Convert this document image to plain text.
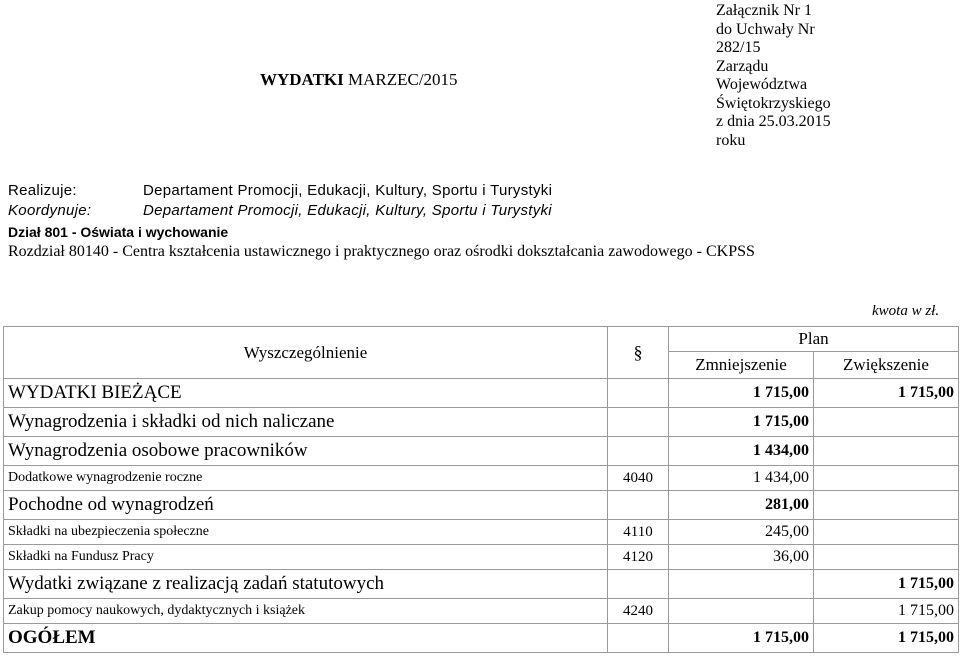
WYDATKI MARZEC/2015
Załącznik Nr 1
do Uchwały Nr
282/15
Zarządu
Województwa
Świętokrzyskiego
z dnia 25.03.2015
roku
Realizuje:	Departament Promocji, Edukacji, Kultury, Sportu i Turystyki
Koordynuje:	Departament Promocji, Edukacji, Kultury, Sportu i Turystyki
Dział 801 - Oświata i wychowanie
Rozdział 80140 - Centra kształcenia ustawicznego i praktycznego oraz ośrodki dokształcania zawodowego - CKPSS
kwota w zł.
Wyszczególnienie	§	Plan	
		Zmniejszenie	Zwiększenie
WYDATKI BIEŻĄCE		1 715,00	1 715,00
Wynagrodzenia i składki od nich naliczane		1 715,00	
Wynagrodzenia osobowe pracowników		1 434,00	
Dodatkowe wynagrodzenie roczne	4040	1 434,00	
Pochodne od wynagrodzeń		281,00	
Składki na ubezpieczenia społeczne	4110	245,00	
Składki na Fundusz Pracy	4120	36,00	
Wydatki związane z realizacją zadań statutowych			1 715,00
Zakup pomocy naukowych, dydaktycznych i książek	4240		1 715,00
OGÓŁEM		1 715,00	1 715,00
